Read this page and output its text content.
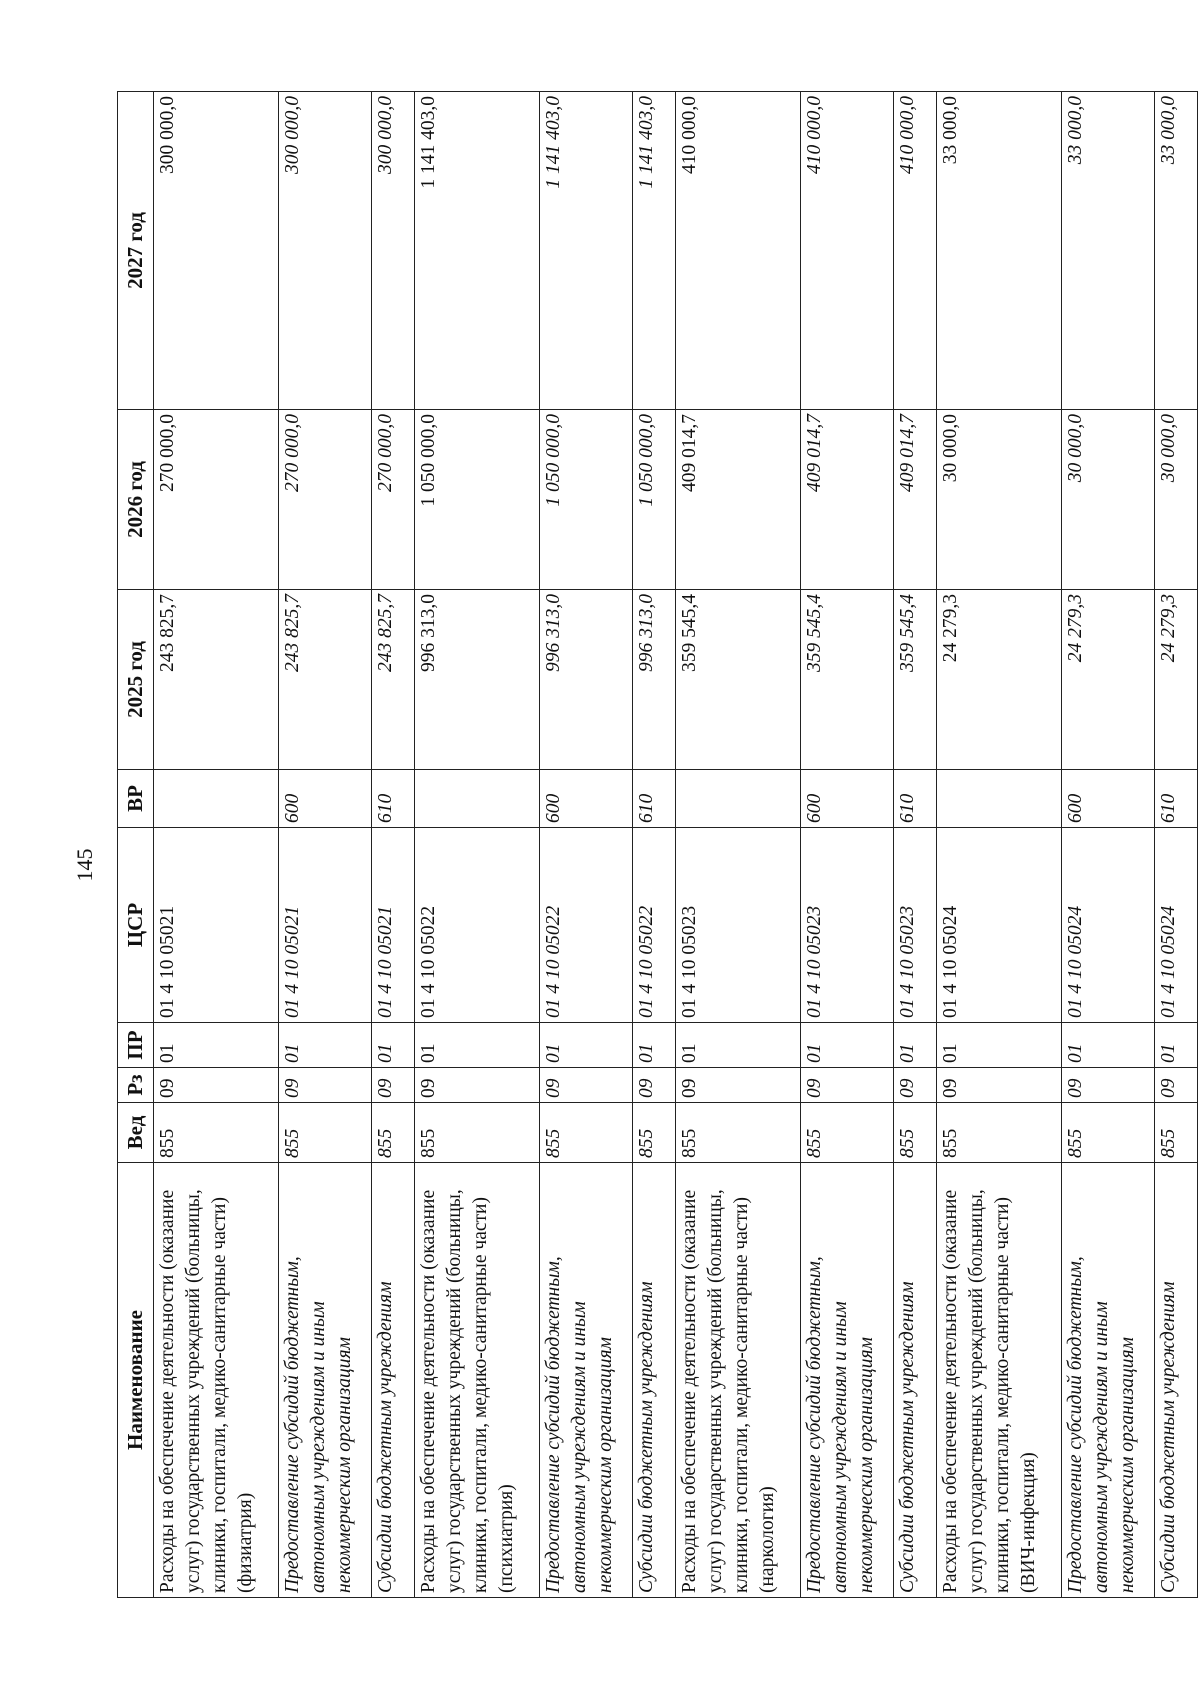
145
Наименование	Вед	Рз	ПР	ЦСР	ВР	2025 год	2026 год	2027 год
Расходы на обеспечение деятельности (оказание услуг) государственных учреждений (больницы, клиники, госпитали, медико-санитарные части) (физиатрия)	855	09	01	01 4 10 05021		243 825,7	270 000,0	300 000,0
Предоставление субсидий бюджетным, автономным учреждениям и иным некоммерческим организациям	855	09	01	01 4 10 05021	600	243 825,7	270 000,0	300 000,0
Субсидии бюджетным учреждениям	855	09	01	01 4 10 05021	610	243 825,7	270 000,0	300 000,0
Расходы на обеспечение деятельности (оказание услуг) государственных учреждений (больницы, клиники, госпитали, медико-санитарные части) (психиатрия)	855	09	01	01 4 10 05022		996 313,0	1 050 000,0	1 141 403,0
Предоставление субсидий бюджетным, автономным учреждениям и иным некоммерческим организациям	855	09	01	01 4 10 05022	600	996 313,0	1 050 000,0	1 141 403,0
Субсидии бюджетным учреждениям	855	09	01	01 4 10 05022	610	996 313,0	1 050 000,0	1 141 403,0
Расходы на обеспечение деятельности (оказание услуг) государственных учреждений (больницы, клиники, госпитали, медико-санитарные части) (наркология)	855	09	01	01 4 10 05023		359 545,4	409 014,7	410 000,0
Предоставление субсидий бюджетным, автономным учреждениям и иным некоммерческим организациям	855	09	01	01 4 10 05023	600	359 545,4	409 014,7	410 000,0
Субсидии бюджетным учреждениям	855	09	01	01 4 10 05023	610	359 545,4	409 014,7	410 000,0
Расходы на обеспечение деятельности (оказание услуг) государственных учреждений (больницы, клиники, госпитали, медико-санитарные части) (ВИЧ-инфекция)	855	09	01	01 4 10 05024		24 279,3	30 000,0	33 000,0
Предоставление субсидий бюджетным, автономным учреждениям и иным некоммерческим организациям	855	09	01	01 4 10 05024	600	24 279,3	30 000,0	33 000,0
Субсидии бюджетным учреждениям	855	09	01	01 4 10 05024	610	24 279,3	30 000,0	33 000,0
